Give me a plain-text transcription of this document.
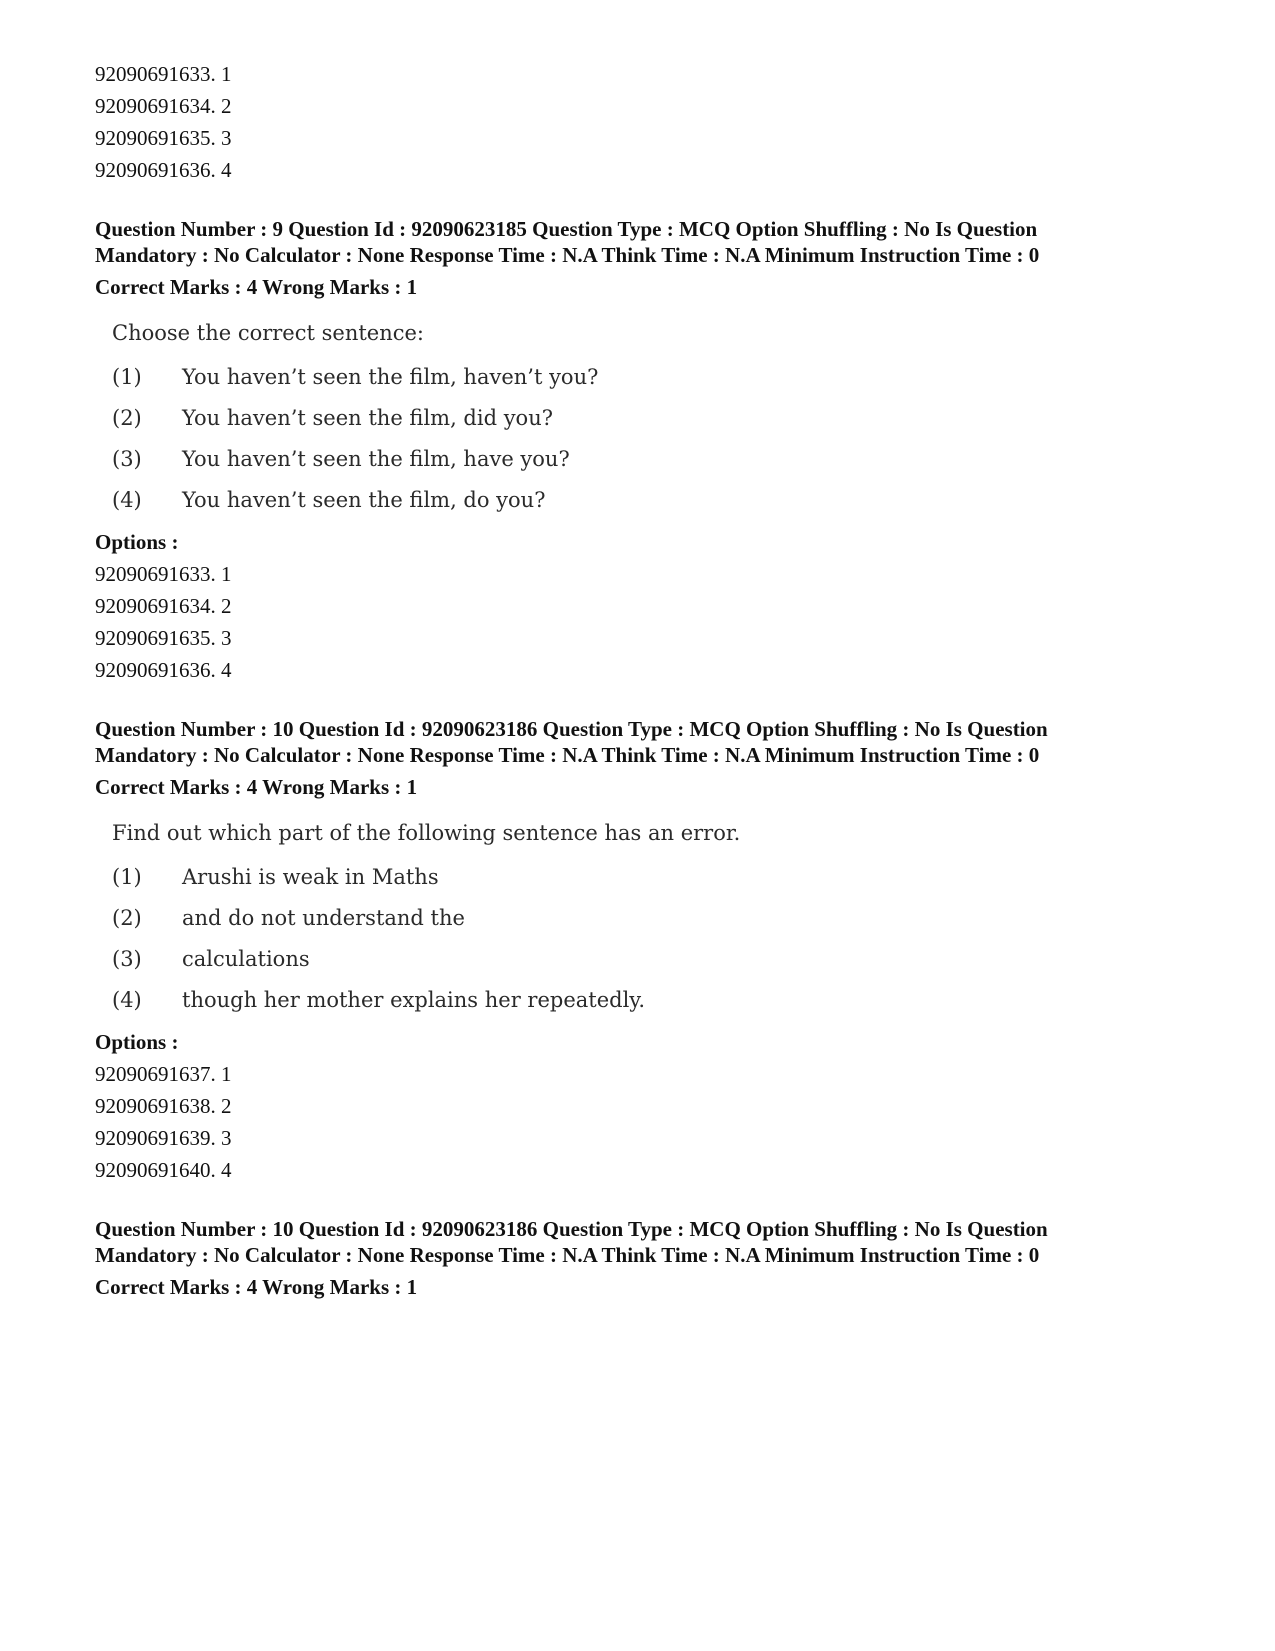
92090691633. 1
92090691634. 2
92090691635. 3
92090691636. 4

Question Number : 9 Question Id : 92090623185 Question Type : MCQ Option Shuffling : No Is Question

Mandatory : No Calculator : None Response Time : N.A Think Time : N.A Minimum Instruction Time : 0

Correct Marks : 4 Wrong Marks : 1
Choose the correct sentence:
(1)	You haven’t seen the film, haven’t you?
(2)	You haven’t seen the film, did you?
(3)	You haven’t seen the film, have you?
(4)	You haven’t seen the film, do you?
Options :
92090691633. 1
92090691634. 2
92090691635. 3
92090691636. 4

Question Number : 10 Question Id : 92090623186 Question Type : MCQ Option Shuffling : No Is Question

Mandatory : No Calculator : None Response Time : N.A Think Time : N.A Minimum Instruction Time : 0

Correct Marks : 4 Wrong Marks : 1
Find out which part of the following sentence has an error.
(1)	Arushi is weak in Maths
(2)	and do not understand the
(3)	calculations
(4)	though her mother explains her repeatedly.
Options :
92090691637. 1
92090691638. 2
92090691639. 3
92090691640. 4

Question Number : 10 Question Id : 92090623186 Question Type : MCQ Option Shuffling : No Is Question

Mandatory : No Calculator : None Response Time : N.A Think Time : N.A Minimum Instruction Time : 0

Correct Marks : 4 Wrong Marks : 1
